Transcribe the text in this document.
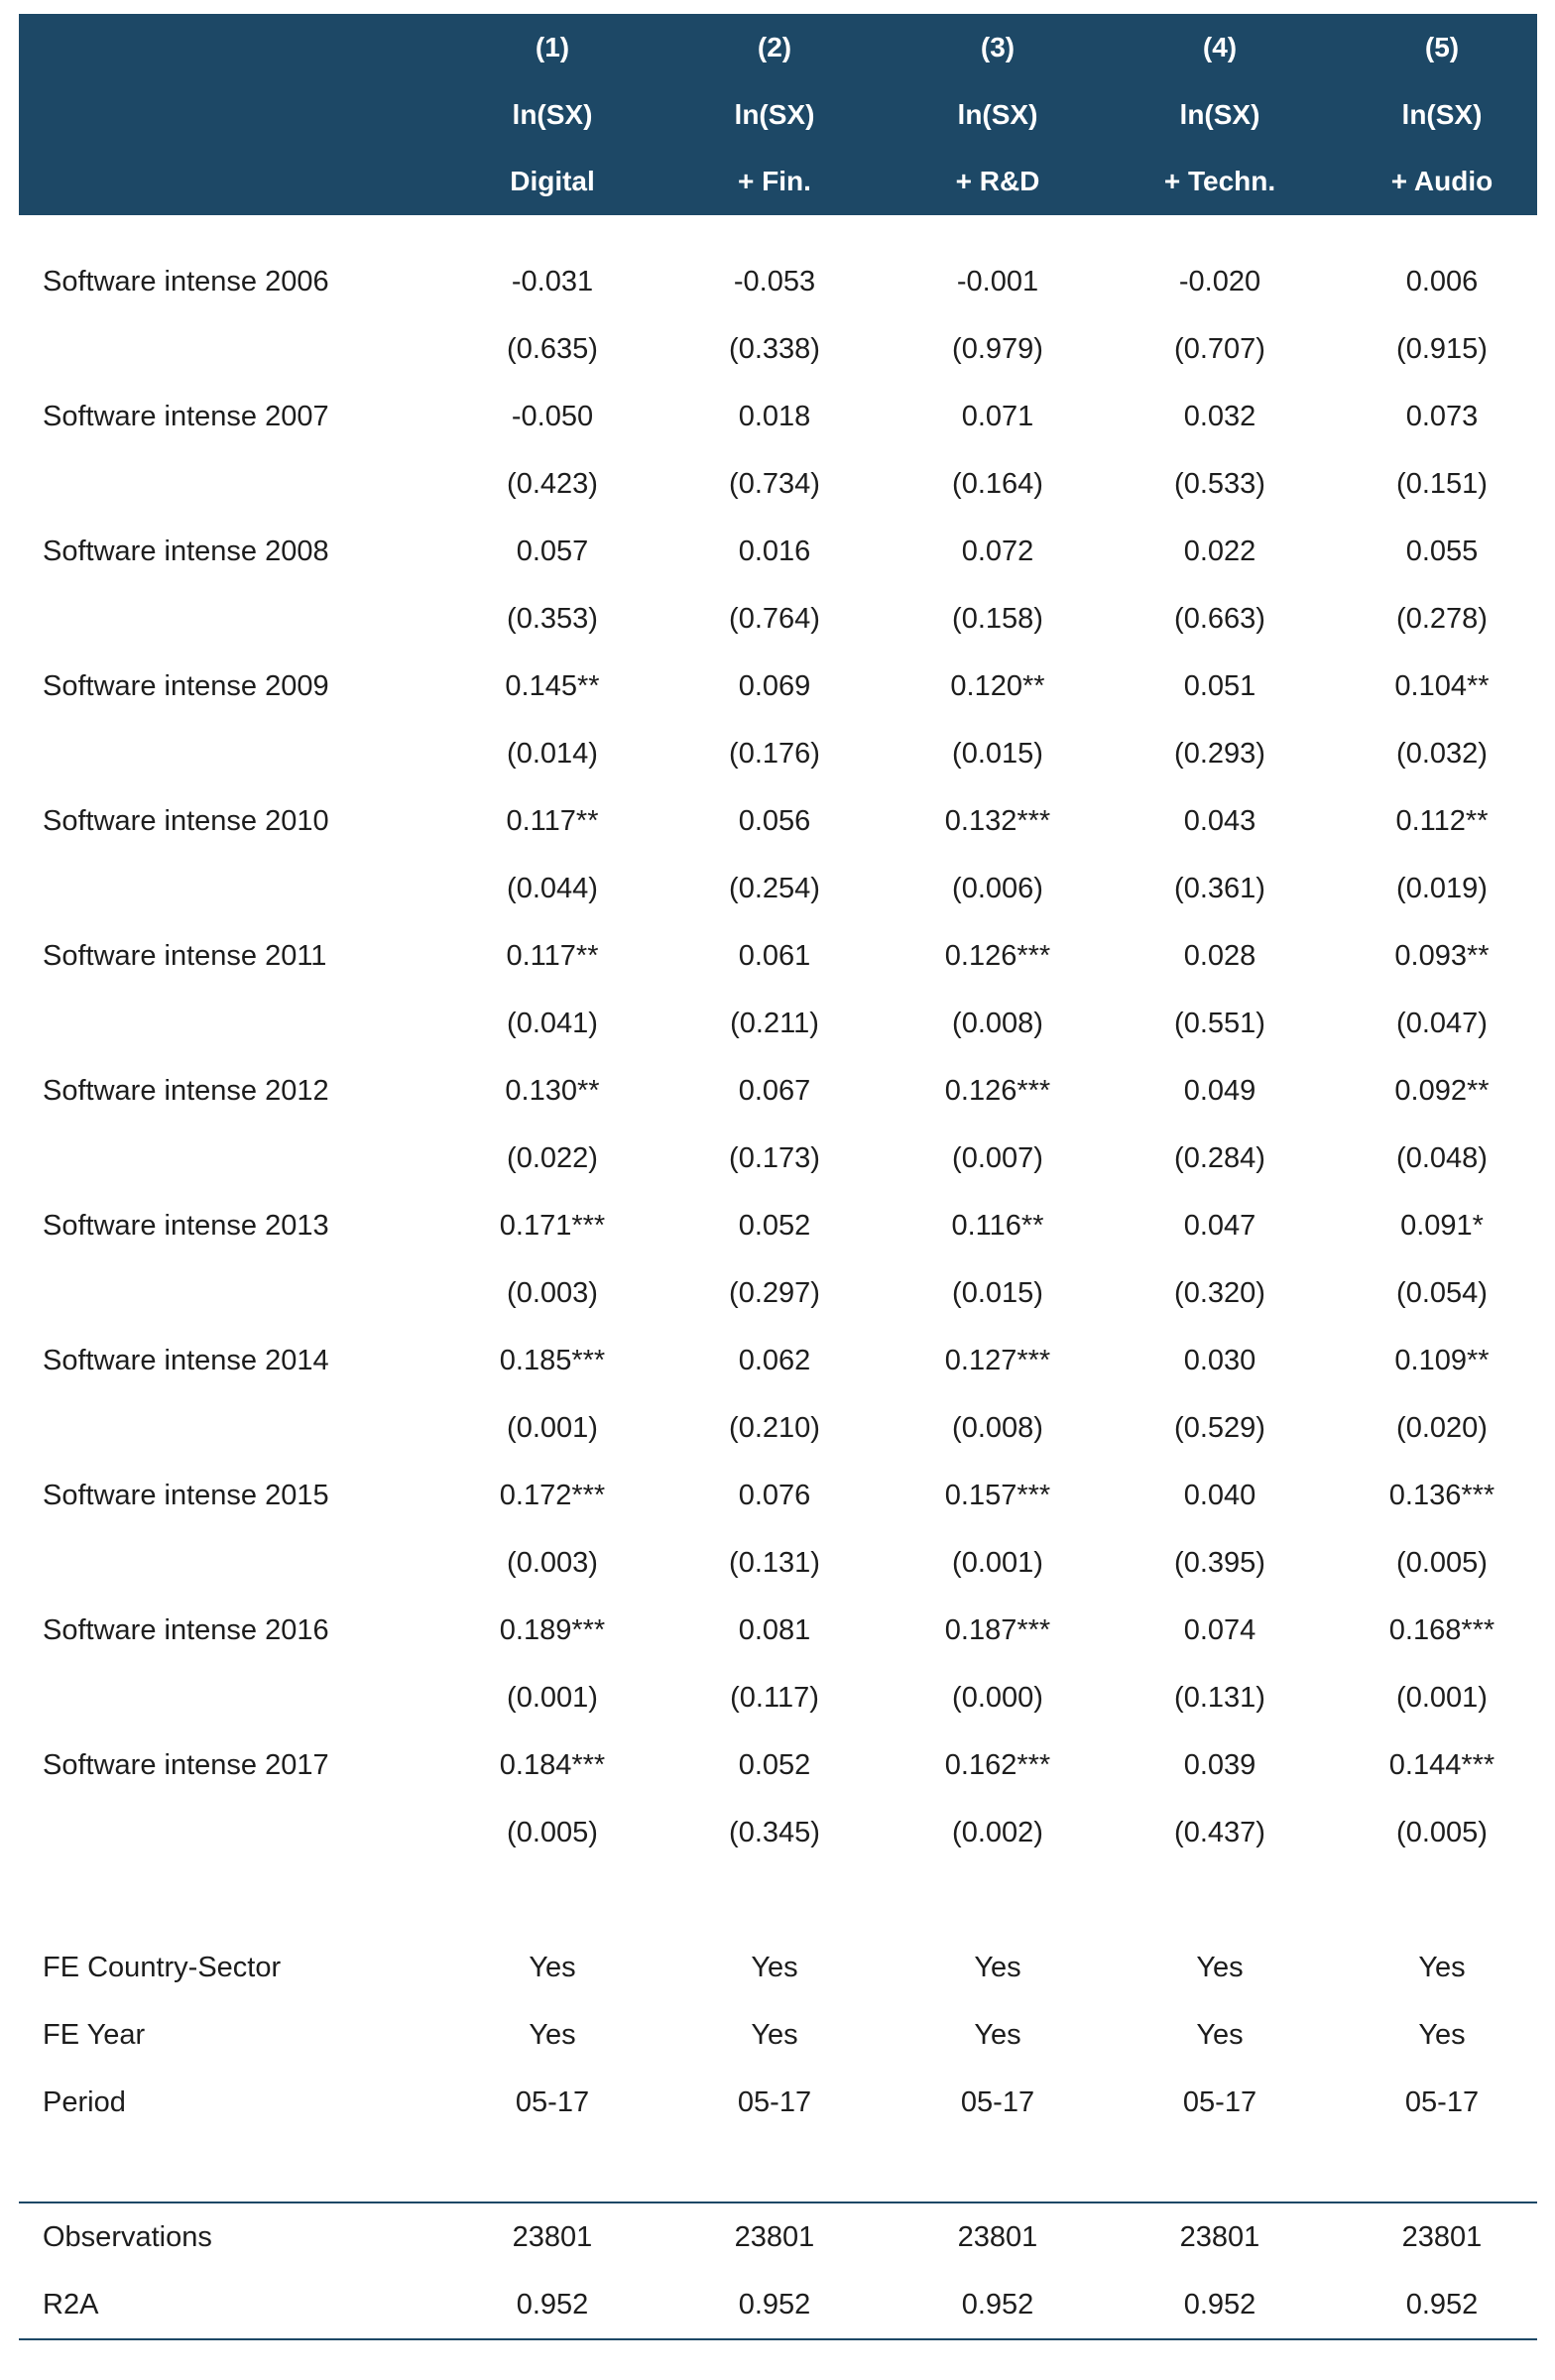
(1)	(2)	(3)	(4)	(5)
ln(SX)	ln(SX)	ln(SX)	ln(SX)	ln(SX)
Digital	+ Fin.	+ R&D	+ Techn.	+ Audio
Software intense 2006	-0.031	-0.053	-0.001	-0.020	0.006
(0.635)	(0.338)	(0.979)	(0.707)	(0.915)
Software intense 2007	-0.050	0.018	0.071	0.032	0.073
(0.423)	(0.734)	(0.164)	(0.533)	(0.151)
Software intense 2008	0.057	0.016	0.072	0.022	0.055
(0.353)	(0.764)	(0.158)	(0.663)	(0.278)
Software intense 2009	0.145**	0.069	0.120**	0.051	0.104**
(0.014)	(0.176)	(0.015)	(0.293)	(0.032)
Software intense 2010	0.117**	0.056	0.132***	0.043	0.112**
(0.044)	(0.254)	(0.006)	(0.361)	(0.019)
Software intense 2011	0.117**	0.061	0.126***	0.028	0.093**
(0.041)	(0.211)	(0.008)	(0.551)	(0.047)
Software intense 2012	0.130**	0.067	0.126***	0.049	0.092**
(0.022)	(0.173)	(0.007)	(0.284)	(0.048)
Software intense 2013	0.171***	0.052	0.116**	0.047	0.091*
(0.003)	(0.297)	(0.015)	(0.320)	(0.054)
Software intense 2014	0.185***	0.062	0.127***	0.030	0.109**
(0.001)	(0.210)	(0.008)	(0.529)	(0.020)
Software intense 2015	0.172***	0.076	0.157***	0.040	0.136***
(0.003)	(0.131)	(0.001)	(0.395)	(0.005)
Software intense 2016	0.189***	0.081	0.187***	0.074	0.168***
(0.001)	(0.117)	(0.000)	(0.131)	(0.001)
Software intense 2017	0.184***	0.052	0.162***	0.039	0.144***
(0.005)	(0.345)	(0.002)	(0.437)	(0.005)
FE Country-Sector	Yes	Yes	Yes	Yes	Yes
FE Year	Yes	Yes	Yes	Yes	Yes
Period	05-17	05-17	05-17	05-17	05-17
Observations	23801	23801	23801	23801	23801
R2A	0.952	0.952	0.952	0.952	0.952
